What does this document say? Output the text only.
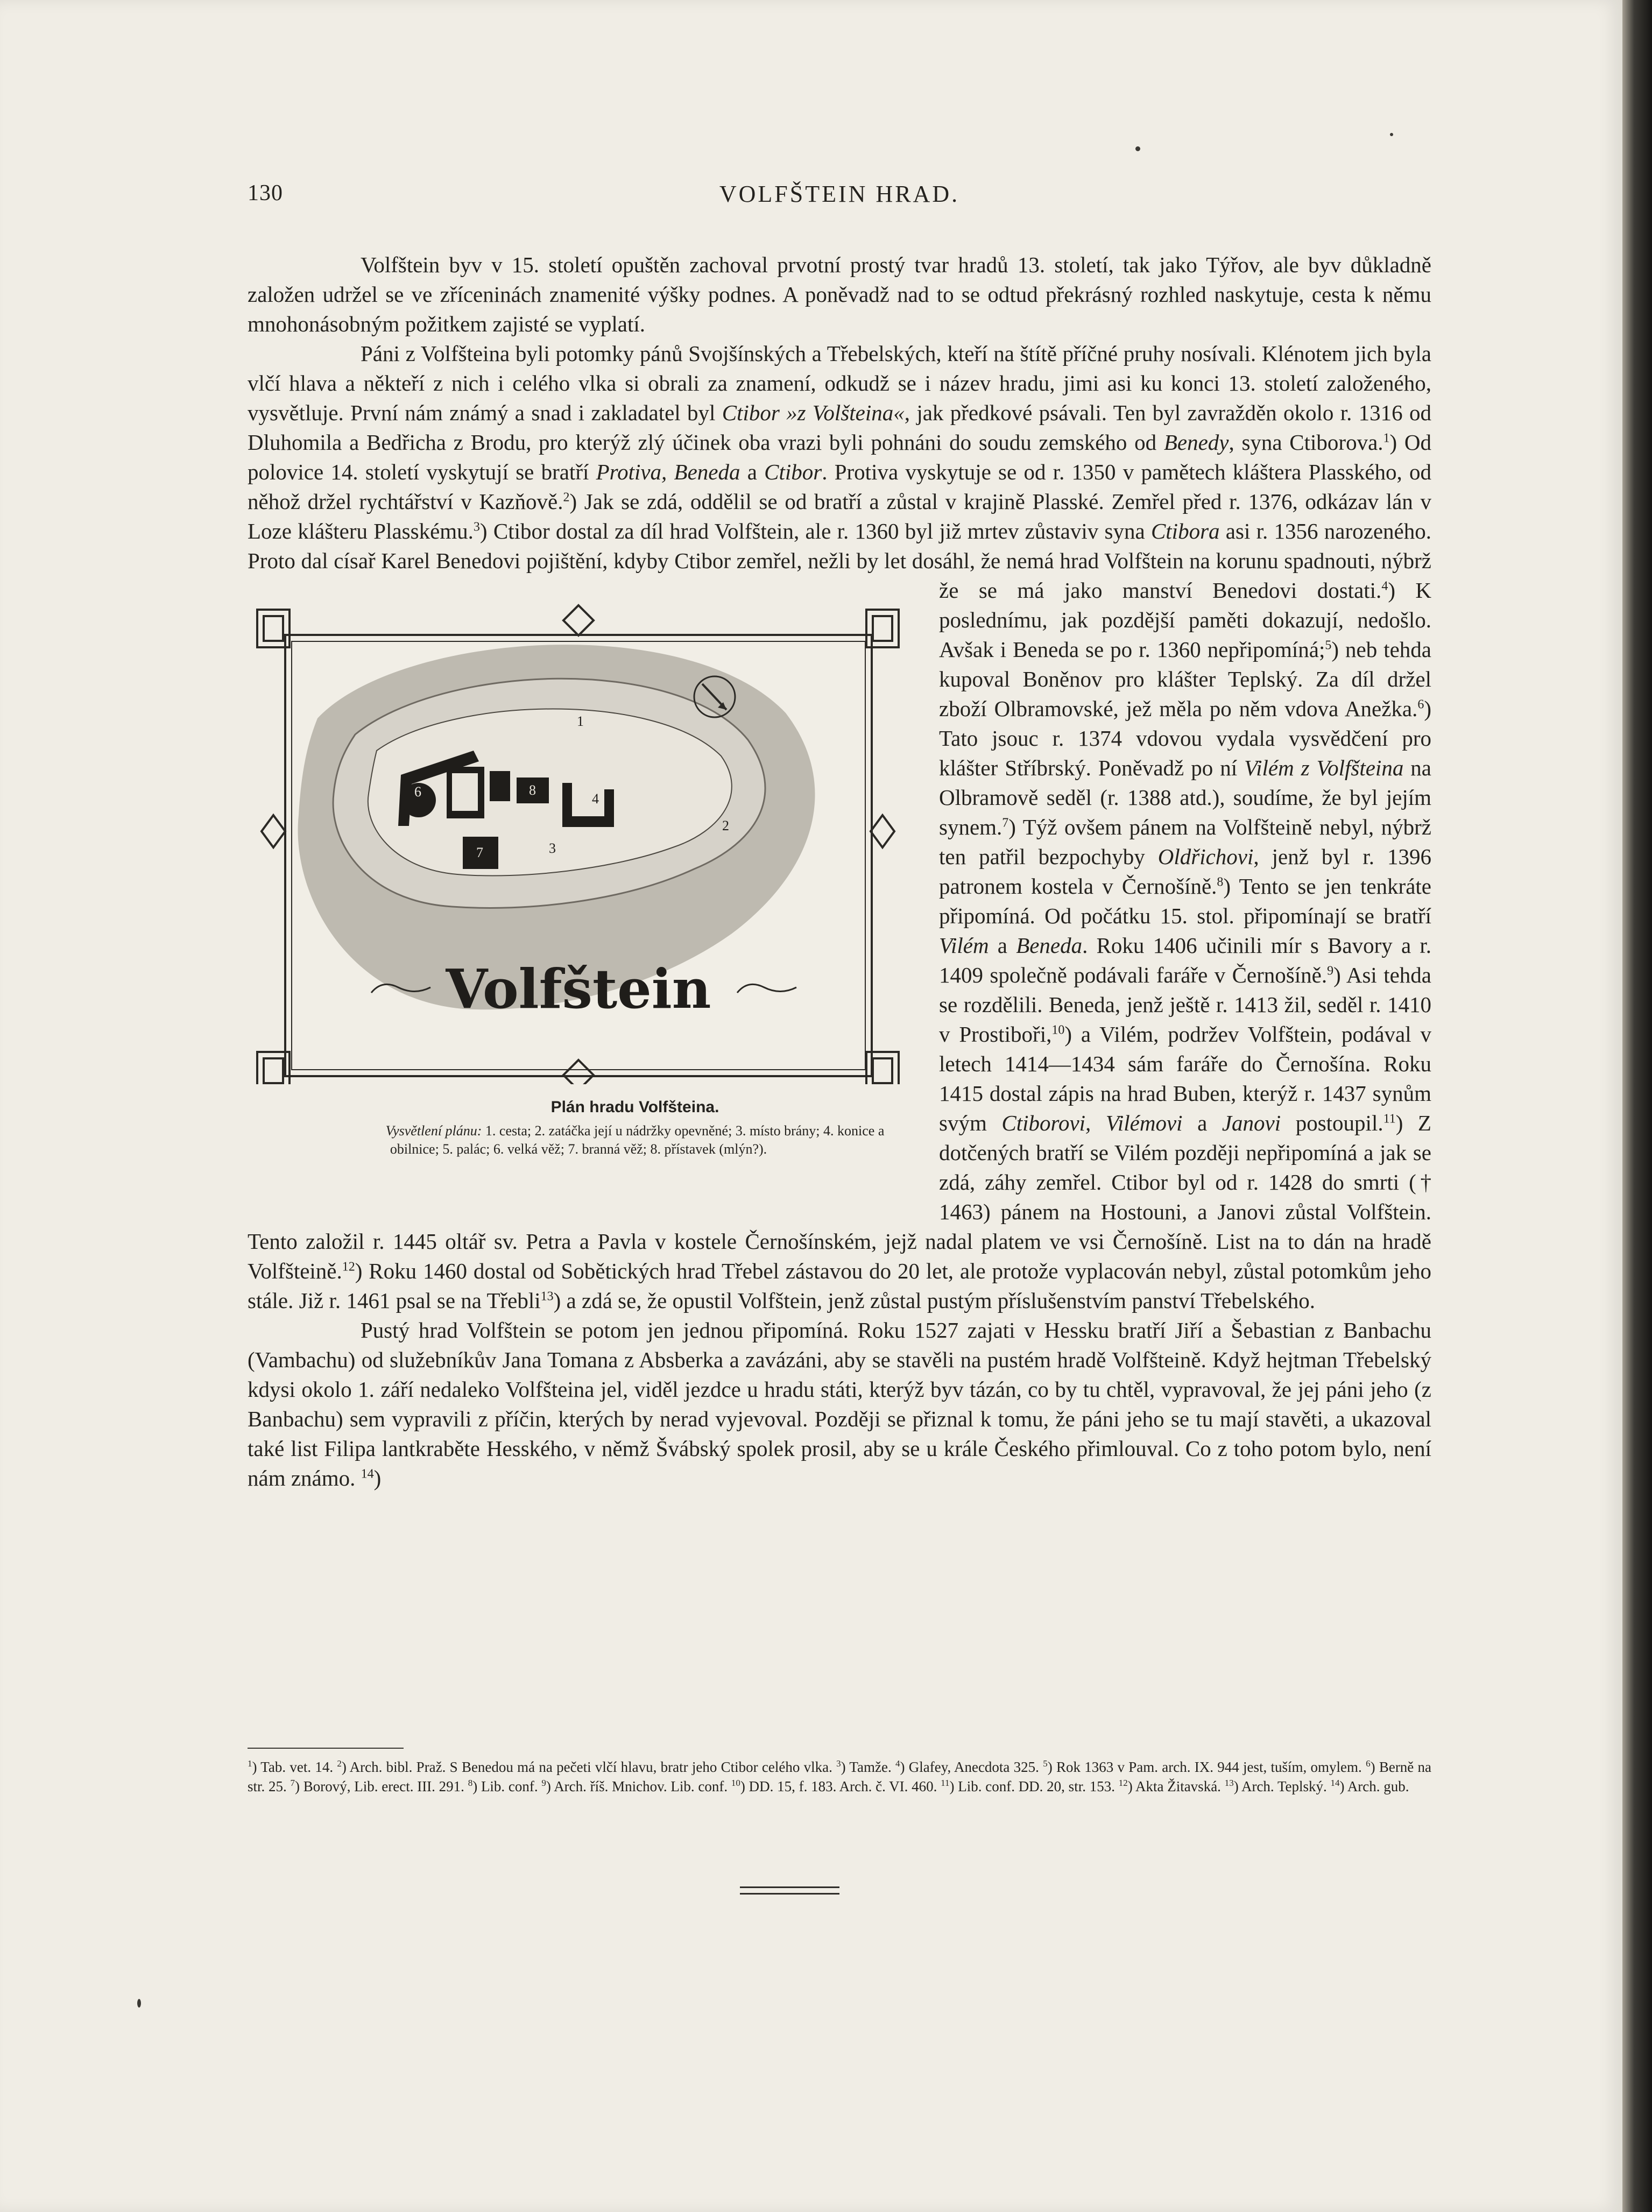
130	VOLFŠTEIN HRAD.

Volfštein byv v 15. století opuštěn zachoval prvotní prostý tvar hradů 13. století, tak jako Týřov, ale byv důkladně založen udržel se ve zříceninách znamenité výšky podnes. A poněvadž nad to se odtud překrásný rozhled naskytuje, cesta k němu mnohonásobným požitkem zajisté se vyplatí.

Páni z Volfšteina byli potomky pánů Svojšínských a Třebelských, kteří na štítě příčné pruhy nosívali. Klénotem jich byla vlčí hlava a někteří z nich i celého vlka si obrali za znamení, odkudž se i název hradu, jimi asi ku konci 13. století založeného, vysvětluje. První nám známý a snad i zakladatel byl Ctibor »z Volšteina«, jak předkové psávali. Ten byl zavražděn okolo r. 1316 od Dluhomila a Bedřicha z Brodu, pro kterýž zlý účinek oba vrazi byli pohnáni do soudu zemského od Benedy, syna Ctiborova.$^1$) Od polovice 14. století vyskytují se bratří Protiva, Beneda a Ctibor. Protiva vyskytuje se od r. 1350 v pamětech kláštera Plasského, od něhož držel rychtářství v Kazňově.$^2$) Jak se zdá, oddělil se od bratří a zůstal v krajině Plasské. Zemřel před r. 1376, odkázav lán v Loze klášteru Plasskému.$^3$) Ctibor dostal za díl hrad Volfštein, ale r. 1360 byl již mrtev zůstaviv syna Ctibora asi r. 1356 narozeného. Proto dal císař Karel Benedovi pojištění, kdyby Ctibor zemřel, nežli by let dosáhl, že nemá hrad Volfštein na korunu spadnouti, nýbrž že se má jako manství Benedovi dostati.
1
2
3
4
5
6
7
8
Volfštein
Plán hradu Volfšteina.
Vysvětlení plánu: 1. cesta; 2. zatáčka její u nádržky opevněné; 3. místo brány; 4. konice a obilnice; 5. palác; 6. velká věž; 7. branná věž; 8. přístavek (mlýn?).
$^4$) K poslednímu, jak pozdější paměti dokazují, nedošlo. Avšak i Beneda se po r. 1360 nepřipomíná;$^5$) neb tehda kupoval Boněnov pro klášter Teplský. Za díl držel zboží Olbramovské, jež měla po něm vdova Anežka.$^6$) Tato jsouc r. 1374 vdovou vydala vysvědčení pro klášter Stříbrský. Poněvadž po ní Vilém z Volfšteina na Olbramově seděl (r. 1388 atd.), soudíme, že byl jejím synem.$^7$) Týž ovšem pánem na Volfšteině nebyl, nýbrž ten patřil bezpochyby Oldřichovi, jenž byl r. 1396 patronem kostela v Černošíně.$^8$) Tento se jen tenkráte připomíná. Od počátku 15. stol. připomínají se bratří Vilém a Beneda. Roku 1406 učinili mír s Bavory a r. 1409 společně podávali faráře v Černošíně.$^9$) Asi tehda se rozdělili. Beneda, jenž ještě r. 1413 žil, seděl r. 1410 v Prostiboři,$^{10}$) a Vilém, podržev Volfštein, podával v letech 1414—1434 sám faráře do Černošína. Roku 1415 dostal zápis na hrad Buben, kterýž r. 1437 synům svým Ctiborovi, Vilémovi a Janovi postoupil.$^{11}$) Z dotčených bratří se Vilém později nepřipomíná a jak se zdá, záhy zemřel. Ctibor byl od r. 1428 do smrti († 1463) pánem na Hostouni, a Janovi zůstal Volfštein. Tento založil r. 1445 oltář sv. Petra a Pavla v kostele Černošínském, jejž nadal platem ve vsi Černošíně. List na to dán na hradě Volfšteině.$^{12}$) Roku 1460 dostal od Sobětických hrad Třebel zástavou do 20 let, ale protože vyplacován nebyl, zůstal potomkům jeho stále. Již r. 1461 psal se na Třebli$^{13}$) a zdá se, že opustil Volfštein, jenž zůstal pustým příslušenstvím panství Třebelského.

Pustý hrad Volfštein se potom jen jednou připomíná. Roku 1527 zajati v Hessku bratří Jiří a Šebastian z Banbachu (Vambachu) od služebníkův Jana Tomana z Absberka a zavázáni, aby se stavěli na pustém hradě Volfšteině. Když hejtman Třebelský kdysi okolo 1. září nedaleko Volfšteina jel, viděl jezdce u hradu státi, kterýž byv tázán, co by tu chtěl, vypravoval, že jej páni jeho (z Banbachu) sem vypravili z příčin, kterých by nerad vyjevoval. Později se přiznal k tomu, že páni jeho se tu mají stavěti, a ukazoval také list Filipa lantkraběte Hesského, v němž Švábský spolek prosil, aby se u krále Českého přimlouval. Co z toho potom bylo, není nám známo. $^{14}$)

$^1$) Tab. vet. 14. $^2$) Arch. bibl. Praž. S Benedou má na pečeti vlčí hlavu, bratr jeho Ctibor celého vlka. $^3$) Tamže. $^4$) Glafey, Anecdota 325. $^5$) Rok 1363 v Pam. arch. IX. 944 jest, tuším, omylem. $^6$) Berně na str. 25. $^7$) Borový, Lib. erect. III. 291. $^8$) Lib. conf. $^9$) Arch. říš. Mnichov. Lib. conf. $^{10}$) DD. 15, f. 183. Arch. č. VI. 460. $^{11}$) Lib. conf. DD. 20, str. 153. $^{12}$) Akta Žitavská. $^{13}$) Arch. Teplský. $^{14}$) Arch. gub.
